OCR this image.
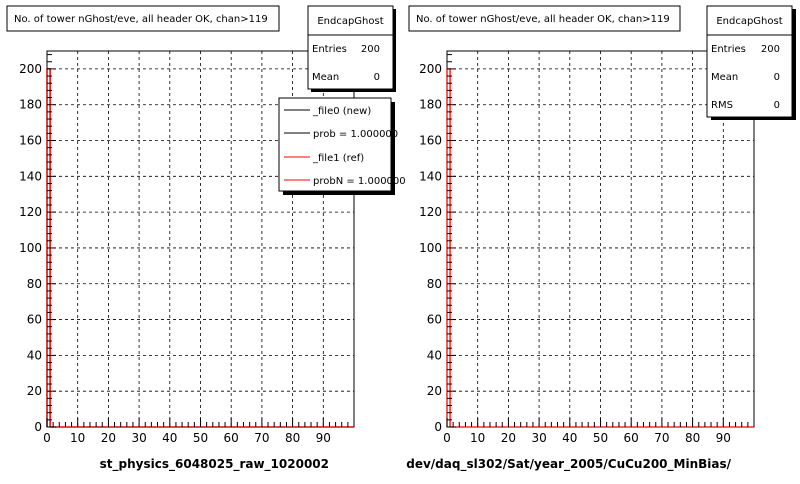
0 10 20 30 40 50 60 70 80 90
0
20
40
60
80
100
120
140
160
180
200
No. of tower nGhost/eve, all header OK, chan>119
st_physics_6048025_raw_1020002
EndcapGhost
Entries 200
Mean	0
_file0 (new)
prob = 1.000000
_file1 (ref)
probN = 1.000000
0 10 20 30 40 50 60 70 80 90
0
20
40
60
80
100
120
140
160
180
200
No. of tower nGhost/eve, all header OK, chan>119
dev/daq_sl302/Sat/year_2005/CuCu200_MinBias/
EndcapGhost
Entries 200
Mean	0
RMS	0
